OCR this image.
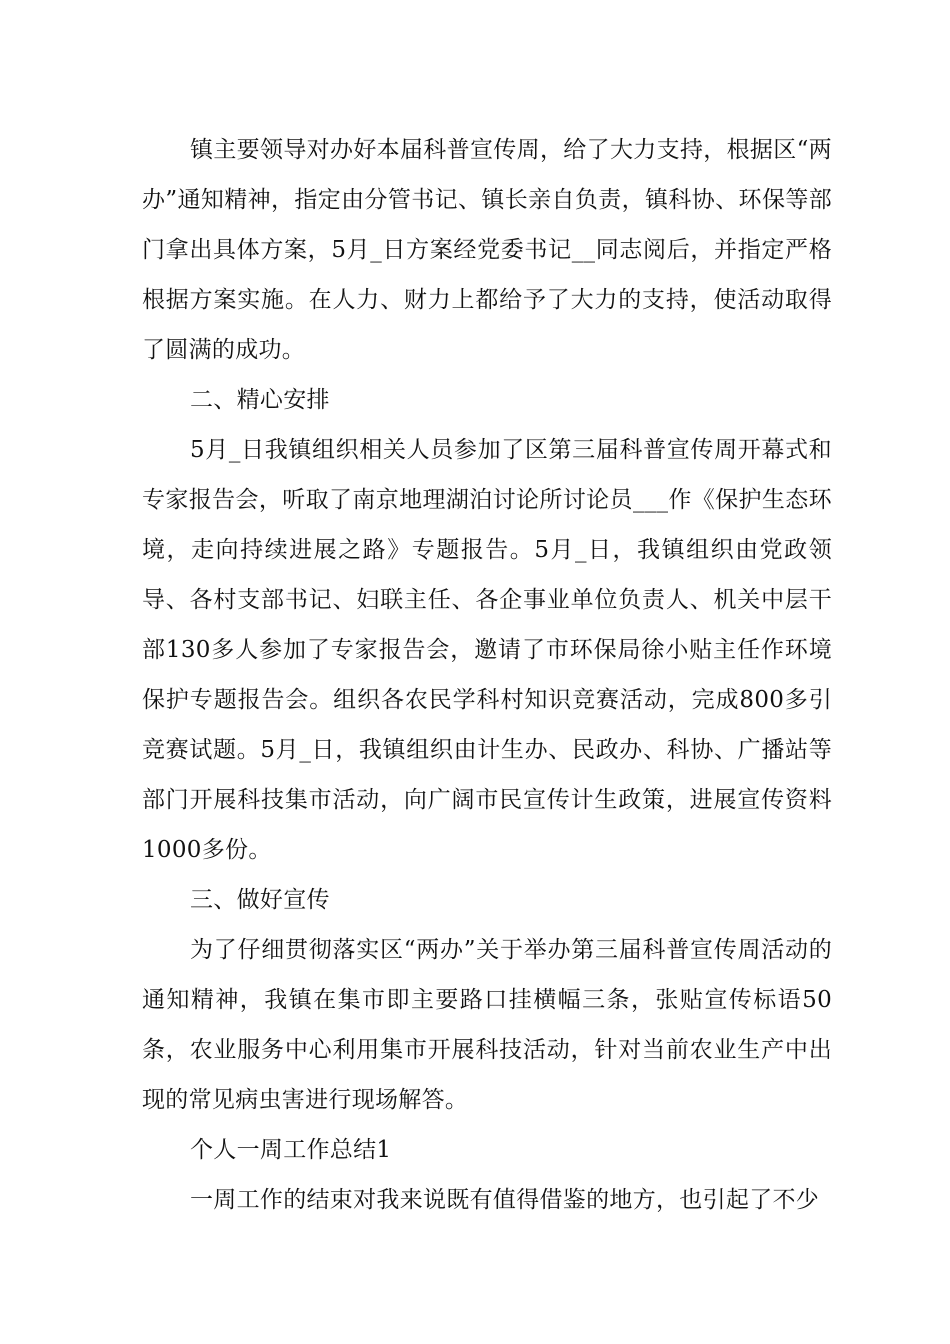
镇主要领导对办好本届科普宣传周，给了大力支持，根据区“两办”通知精神，指定由分管书记、镇长亲自负责，镇科协、环保等部门拿出具体方案，5月_日方案经党委书记__同志阅后，并指定严格根据方案实施。在人力、财力上都给予了大力的支持，使活动取得了圆满的成功。

二、精心安排

5月_日我镇组织相关人员参加了区第三届科普宣传周开幕式和专家报告会，听取了南京地理湖泊讨论所讨论员___作《保护生态环境，走向持续进展之路》专题报告。5月_日，我镇组织由党政领导、各村支部书记、妇联主任、各企事业单位负责人、机关中层干部130多人参加了专家报告会，邀请了市环保局徐小贴主任作环境保护专题报告会。组织各农民学科村知识竞赛活动，完成800多引竞赛试题。5月_日，我镇组织由计生办、民政办、科协、广播站等部门开展科技集市活动，向广阔市民宣传计生政策，进展宣传资料1000多份。

三、做好宣传

为了仔细贯彻落实区“两办”关于举办第三届科普宣传周活动的通知精神，我镇在集市即主要路口挂横幅三条，张贴宣传标语50条，农业服务中心利用集市开展科技活动，针对当前农业生产中出现的常见病虫害进行现场解答。

个人一周工作总结1

一周工作的结束对我来说既有值得借鉴的地方，也引起了不少
